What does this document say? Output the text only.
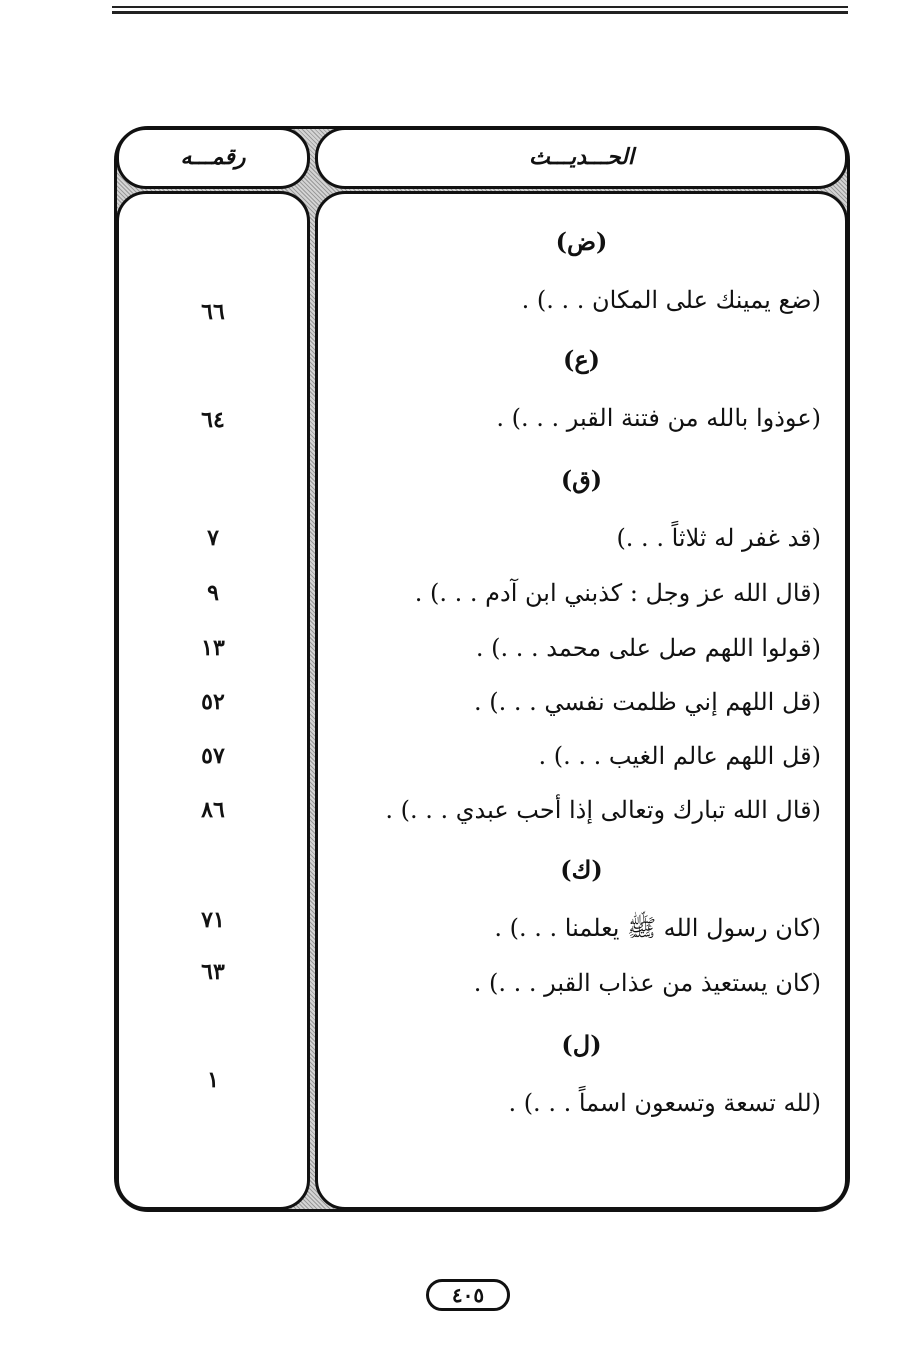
رقمـــه	الحـــديـــث
(ض)
(ضع يمينك على المكان . . .) .
٦٦
(ع)
(عوذوا بالله من فتنة القبر . . .) .
٦٤
(ق)
(قد غفر له ثلاثاً . . .)
٧
(قال الله عز وجل : كذبني ابن آدم . . .) .
٩
(قولوا اللهم صل على محمد . . .) .
١٣
(قل اللهم إني ظلمت نفسي . . .) .
٥٢
(قل اللهم عالم الغيب . . .) .
٥٧
(قال الله تبارك وتعالى إذا أحب عبدي . . .) .
٨٦
(ك)
(كان رسول الله ﷺ يعلمنا . . .) .
٧١
(كان يستعيذ من عذاب القبر . . .) .
٦٣
(ل)
(لله تسعة وتسعون اسماً . . .) .
١
٤٠٥
